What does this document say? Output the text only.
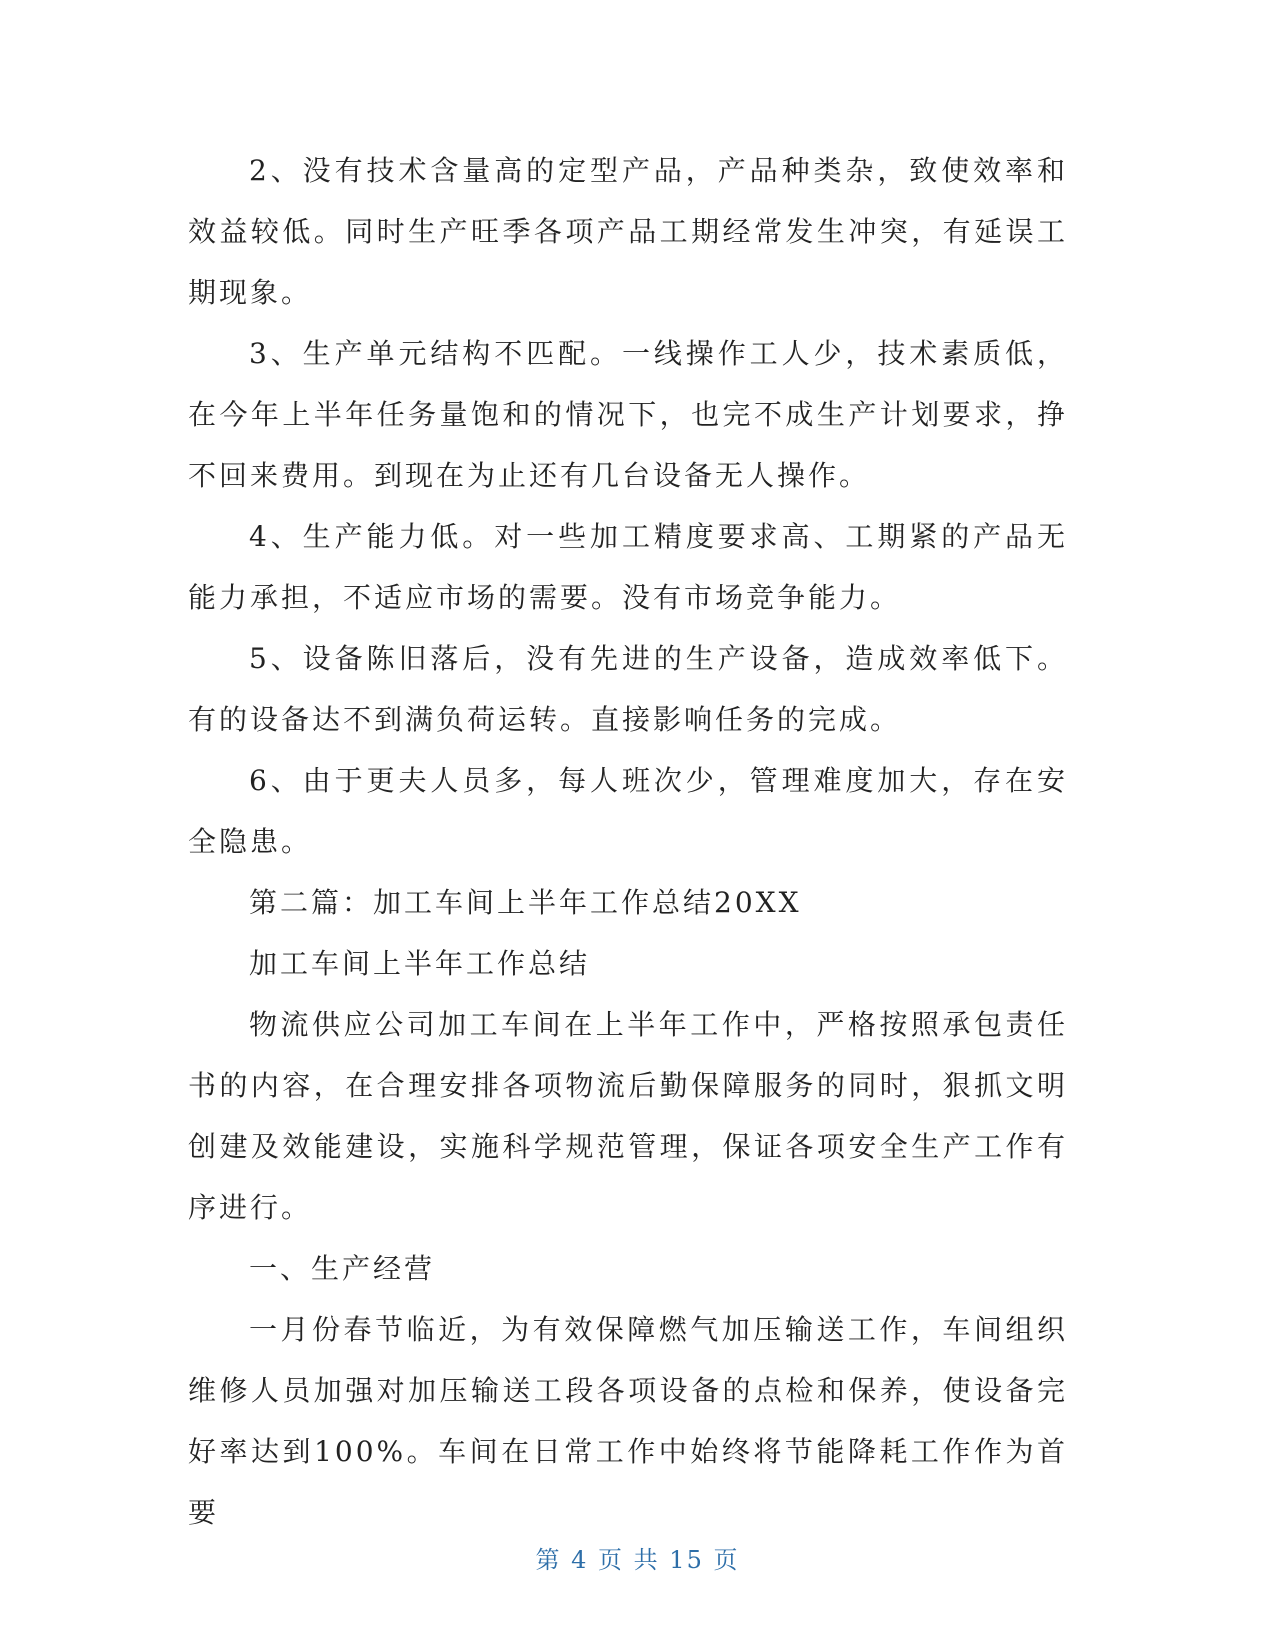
2、没有技术含量高的定型产品，产品种类杂，致使效率和效益较低。同时生产旺季各项产品工期经常发生冲突，有延误工期现象。

3、生产单元结构不匹配。一线操作工人少，技术素质低，在今年上半年任务量饱和的情况下，也完不成生产计划要求，挣不回来费用。到现在为止还有几台设备无人操作。

4、生产能力低。对一些加工精度要求高、工期紧的产品无能力承担，不适应市场的需要。没有市场竞争能力。

5、设备陈旧落后，没有先进的生产设备，造成效率低下。有的设备达不到满负荷运转。直接影响任务的完成。

6、由于更夫人员多，每人班次少，管理难度加大，存在安全隐患。

第二篇：加工车间上半年工作总结20XX

加工车间上半年工作总结

物流供应公司加工车间在上半年工作中，严格按照承包责任书的内容，在合理安排各项物流后勤保障服务的同时，狠抓文明创建及效能建设，实施科学规范管理，保证各项安全生产工作有序进行。

一、生产经营

一月份春节临近，为有效保障燃气加压输送工作，车间组织维修人员加强对加压输送工段各项设备的点检和保养，使设备完好率达到100%。车间在日常工作中始终将节能降耗工作作为首要

第 4 页 共 15 页
